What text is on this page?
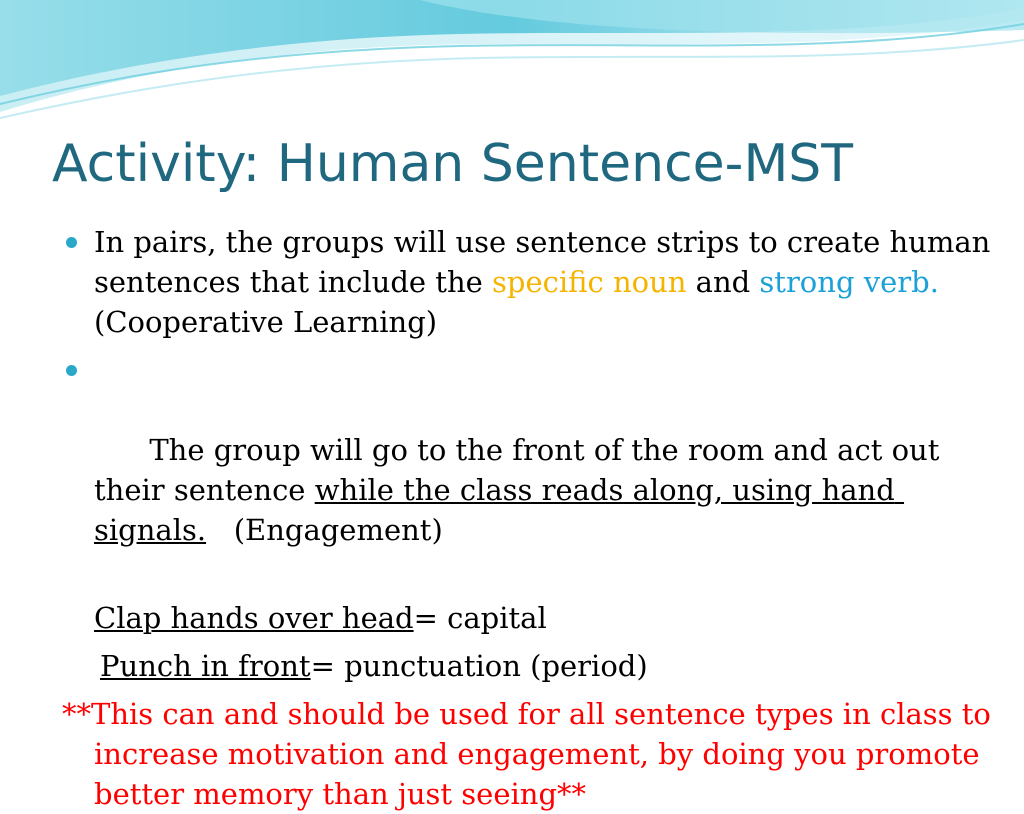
Activity: Human Sentence-MST
In pairs, the groups will use sentence strips to create human sentences that include the specific noun and strong verb. (Cooperative Learning)

The group will go to the front of the room and act out their sentence while the class reads along, using hand signals.   (Engagement)

Clap hands over head= capital
Punch in front= punctuation (period)
**This can and should be used for all sentence types in class to increase motivation and engagement, by doing you promote better memory than just seeing**
